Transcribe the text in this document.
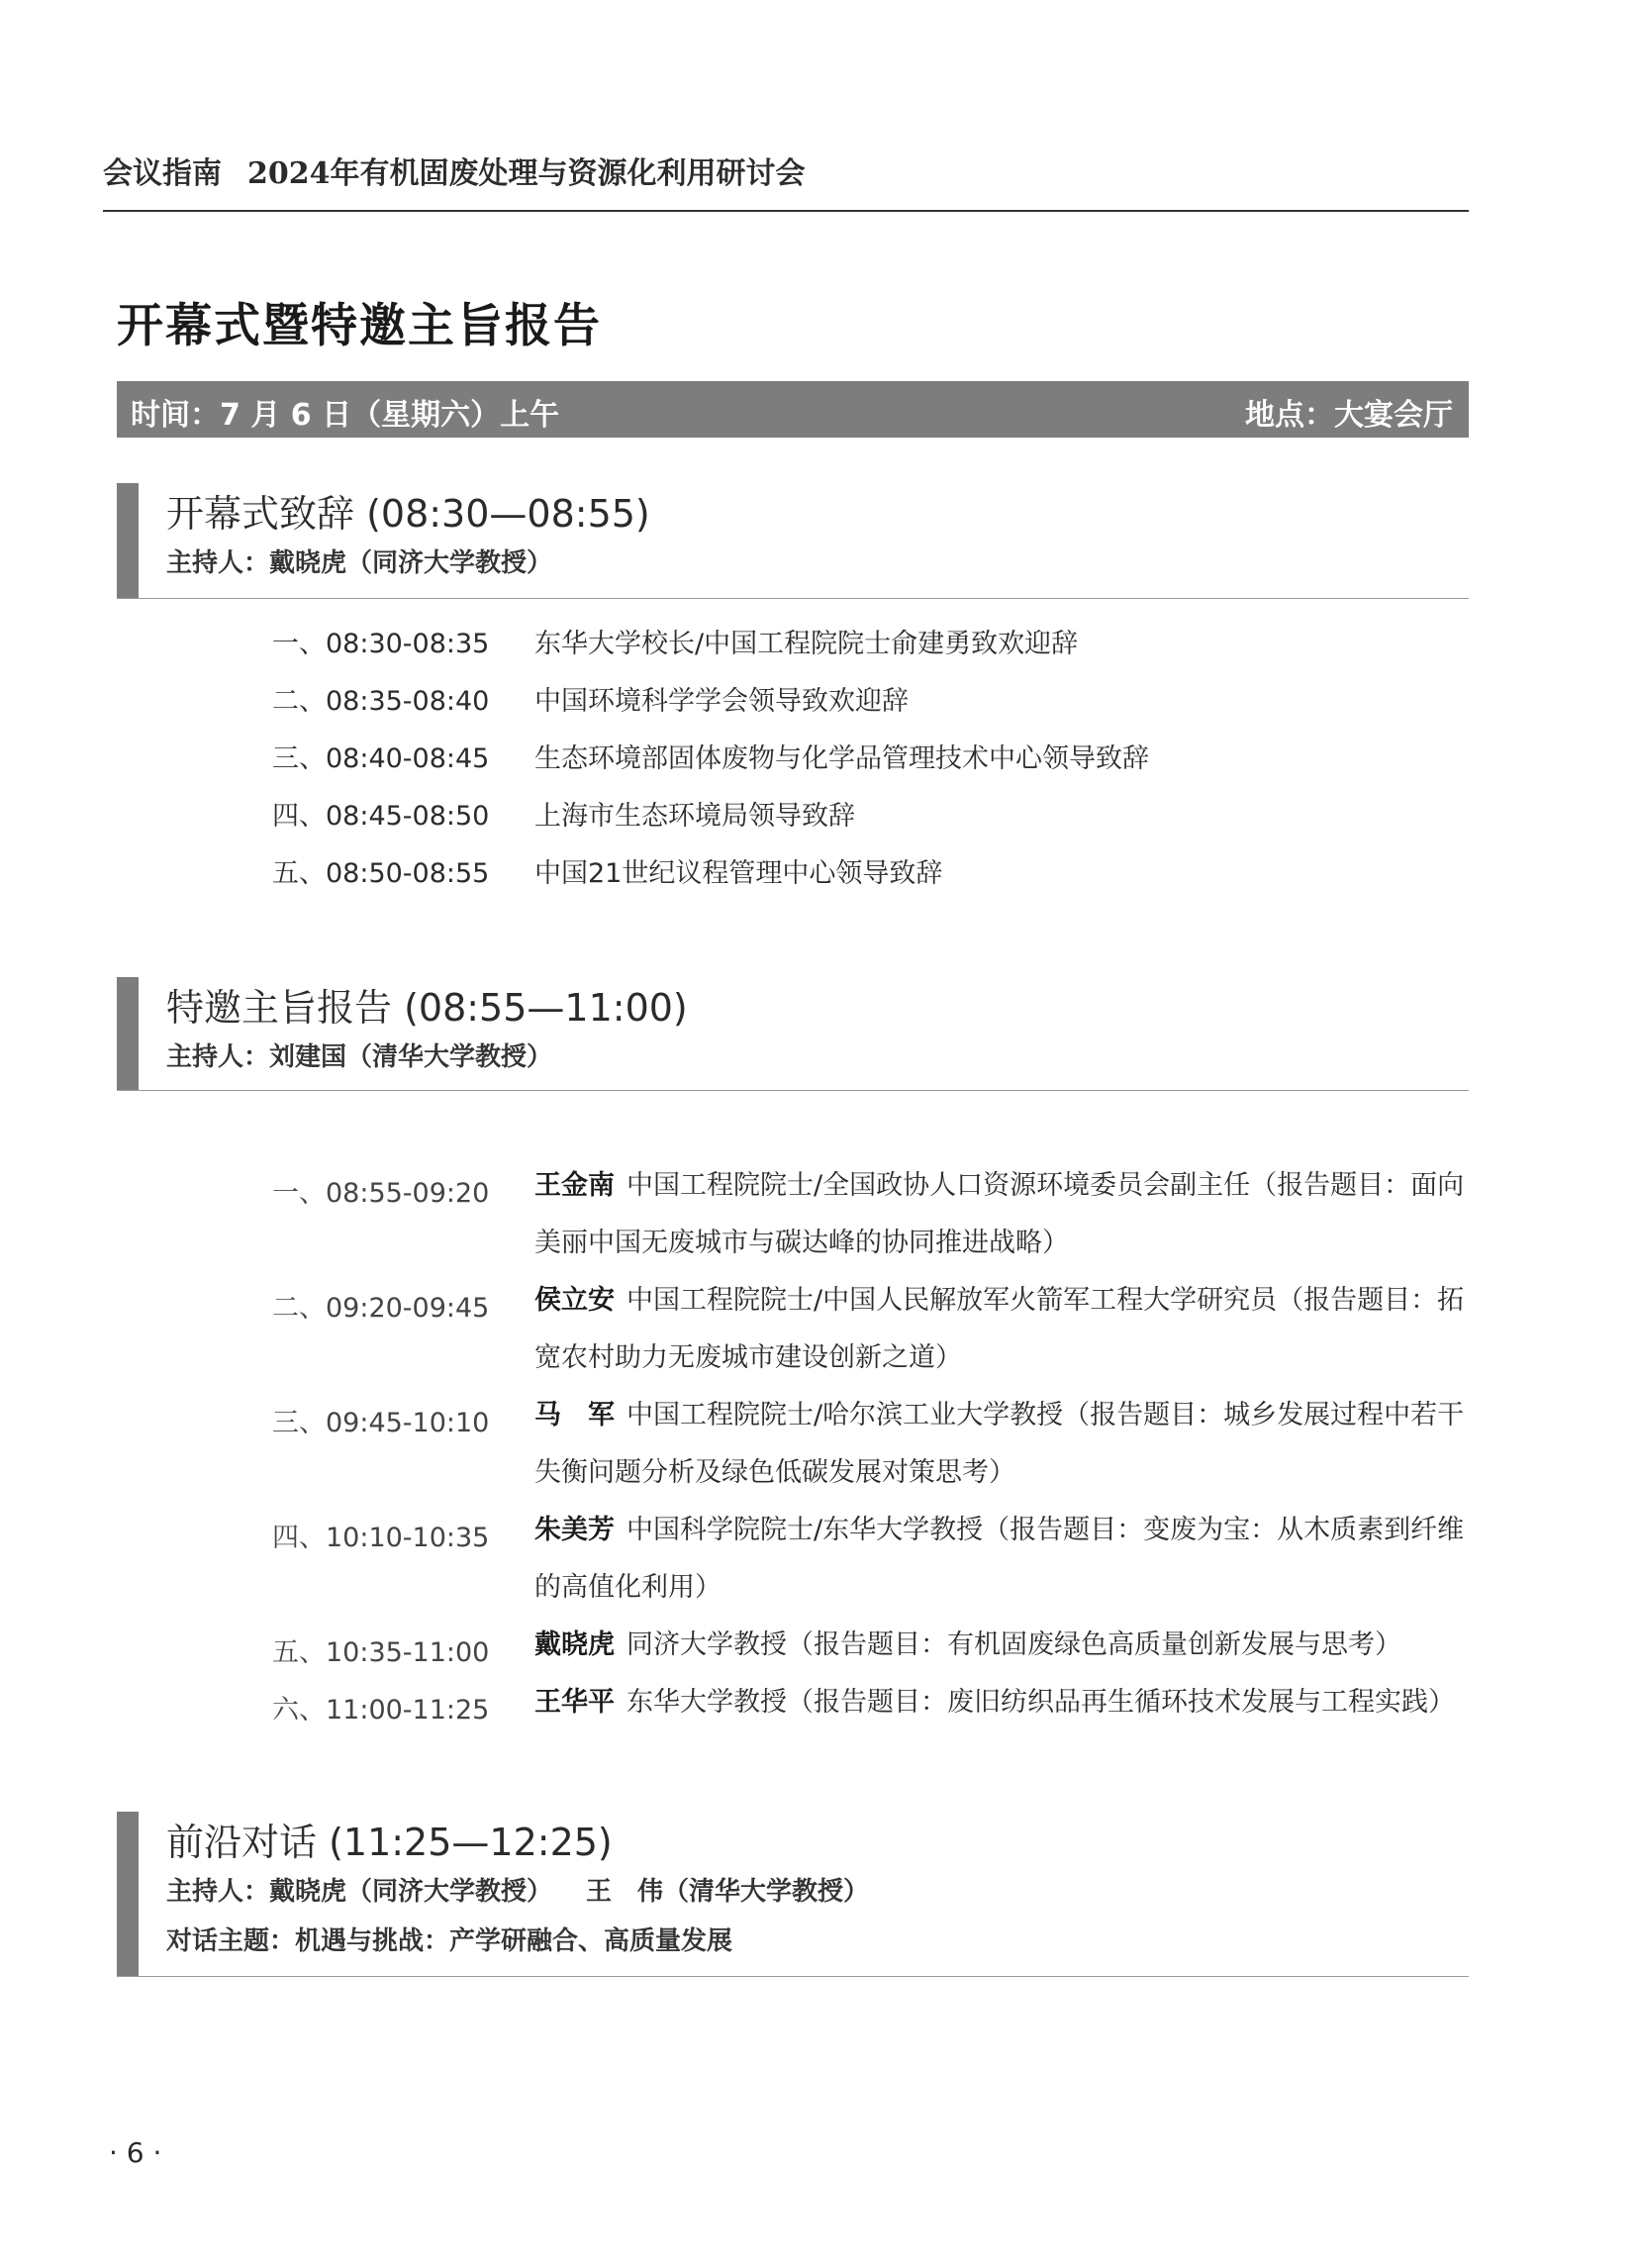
会议指南 2024年有机固废处理与资源化利用研讨会
开幕式暨特邀主旨报告
时间：7 月 6 日（星期六）上午	地点：大宴会厅
开幕式致辞 (08:30—08:55)
主持人：戴晓虎（同济大学教授）
一、08:30-08:35 东华大学校长/中国工程院院士俞建勇致欢迎辞
二、08:35-08:40 中国环境科学学会领导致欢迎辞
三、08:40-08:45 生态环境部固体废物与化学品管理技术中心领导致辞
四、08:45-08:50 上海市生态环境局领导致辞
五、08:50-08:55 中国21世纪议程管理中心领导致辞
特邀主旨报告 (08:55—11:00)
主持人：刘建国（清华大学教授）
一、08:55-09:20 王金南 中国工程院院士/全国政协人口资源环境委员会副主任（报告题目：面向美丽中国无废城市与碳达峰的协同推进战略）
二、09:20-09:45 侯立安 中国工程院院士/中国人民解放军火箭军工程大学研究员（报告题目：拓宽农村助力无废城市建设创新之道）
三、09:45-10:10 马　军 中国工程院院士/哈尔滨工业大学教授（报告题目：城乡发展过程中若干失衡问题分析及绿色低碳发展对策思考）
四、10:10-10:35 朱美芳 中国科学院院士/东华大学教授（报告题目：变废为宝：从木质素到纤维的高值化利用）
五、10:35-11:00 戴晓虎 同济大学教授（报告题目：有机固废绿色高质量创新发展与思考）
六、11:00-11:25 王华平 东华大学教授（报告题目：废旧纺织品再生循环技术发展与工程实践）
前沿对话 (11:25—12:25)
主持人：戴晓虎（同济大学教授） 王　伟（清华大学教授）
对话主题：机遇与挑战：产学研融合、高质量发展
· 6 ·
